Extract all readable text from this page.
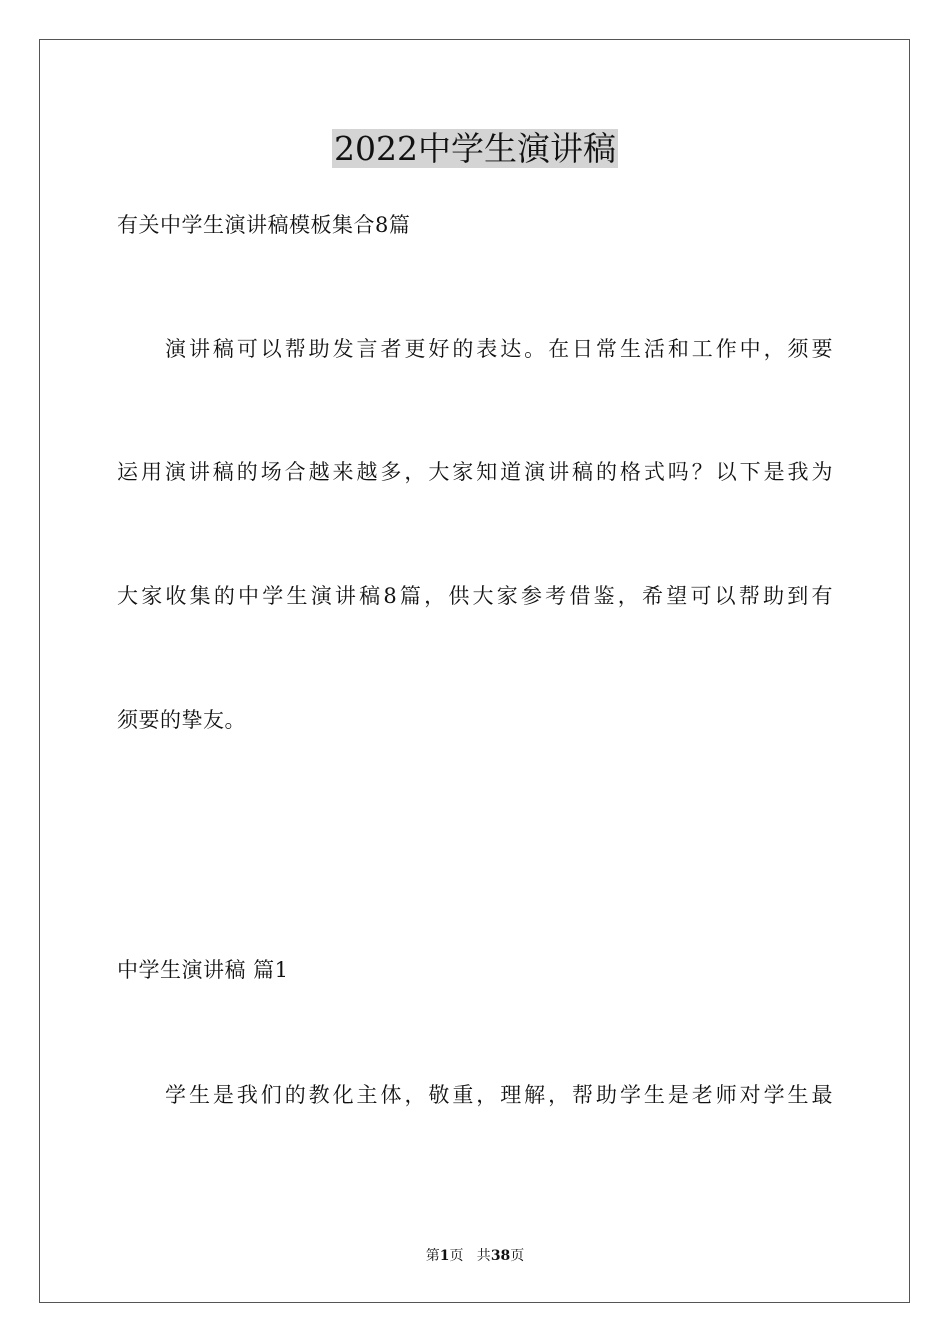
2022中学生演讲稿
有关中学生演讲稿模板集合8篇
演讲稿可以帮助发言者更好的表达。在日常生活和工作中，须要
运用演讲稿的场合越来越多，大家知道演讲稿的格式吗？以下是我为
大家收集的中学生演讲稿8篇，供大家参考借鉴，希望可以帮助到有
须要的挚友。
中学生演讲稿 篇1
学生是我们的教化主体，敬重，理解，帮助学生是老师对学生最
第1页   共38页
